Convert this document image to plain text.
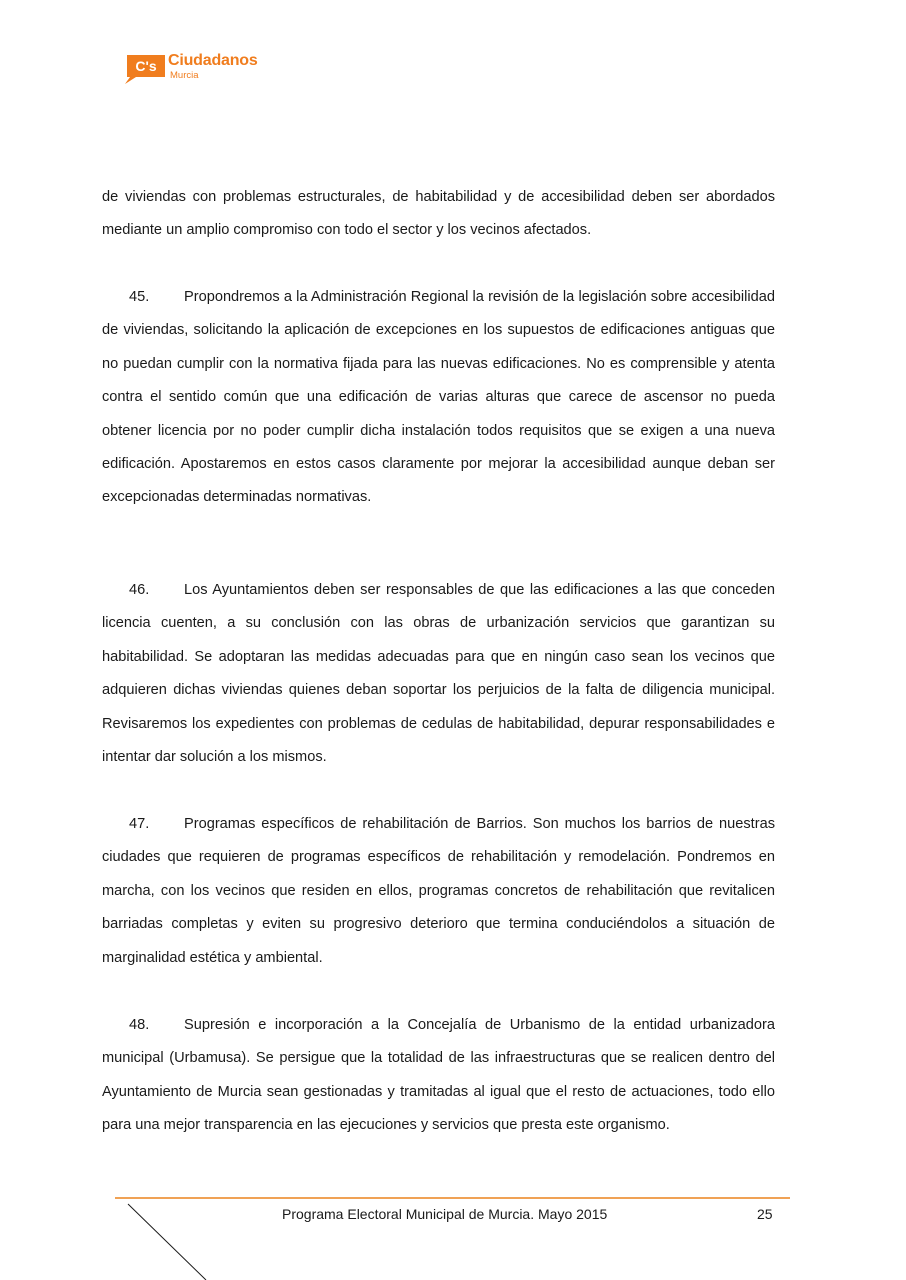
C's Ciudadanos
Murcia
de viviendas con problemas estructurales, de habitabilidad y de accesibilidad deben ser abordados mediante un amplio compromiso con todo el sector y los vecinos afectados.
45. Propondremos a la Administración Regional la revisión de la legislación sobre accesibilidad de viviendas, solicitando la aplicación de excepciones en los supuestos de edificaciones antiguas que no puedan cumplir con la normativa fijada para las nuevas edificaciones. No es comprensible y atenta contra el sentido común que una edificación de varias alturas que carece de ascensor no pueda obtener licencia por no poder cumplir dicha instalación todos requisitos que se exigen a una nueva edificación. Apostaremos en estos casos claramente por mejorar la accesibilidad aunque deban ser excepcionadas determinadas normativas.
46. Los Ayuntamientos deben ser responsables de que las edificaciones a las que conceden licencia cuenten, a su conclusión con las obras de urbanización servicios que garantizan su habitabilidad. Se adoptaran las medidas adecuadas para que en ningún caso sean los vecinos que adquieren dichas viviendas quienes deban soportar los perjuicios de la falta de diligencia municipal. Revisaremos los expedientes con problemas de cedulas de habitabilidad, depurar responsabilidades e intentar dar solución a los mismos.
47. Programas específicos de rehabilitación de Barrios. Son muchos los barrios de nuestras ciudades que requieren de programas específicos de rehabilitación y remodelación. Pondremos en marcha, con los vecinos que residen en ellos, programas concretos de rehabilitación que revitalicen barriadas completas y eviten su progresivo deterioro que termina conduciéndolos a situación de marginalidad estética y ambiental.
48. Supresión e incorporación a la Concejalía de Urbanismo de la entidad urbanizadora municipal (Urbamusa). Se persigue que la totalidad de las infraestructuras que se realicen dentro del Ayuntamiento de Murcia sean gestionadas y tramitadas al igual que el resto de actuaciones, todo ello para una mejor transparencia en las ejecuciones y servicios que presta este organismo.
Programa Electoral Municipal de Murcia. Mayo 2015	25
